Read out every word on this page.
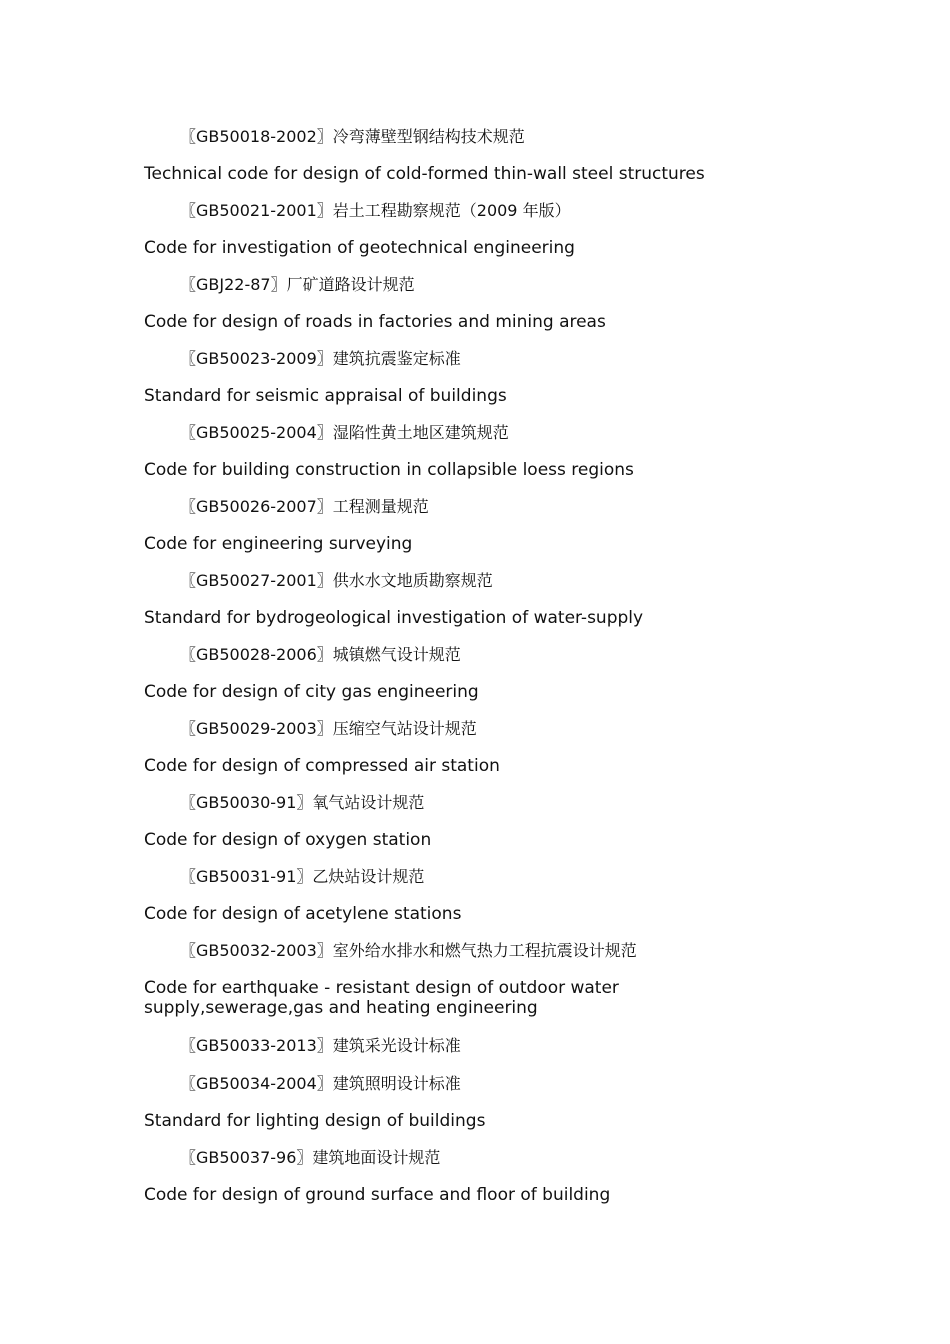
〖GB50018-2002〗冷弯薄壁型钢结构技术规范
Technical code for design of cold-formed thin-wall steel structures
〖GB50021-2001〗岩土工程勘察规范（2009 年版）
Code for investigation of geotechnical engineering
〖GBJ22-87〗厂矿道路设计规范
Code for design of roads in factories and mining areas
〖GB50023-2009〗建筑抗震鉴定标准
Standard for seismic appraisal of buildings
〖GB50025-2004〗湿陷性黄土地区建筑规范
Code for building construction in collapsible loess regions
〖GB50026-2007〗工程测量规范
Code for engineering surveying
〖GB50027-2001〗供水水文地质勘察规范
Standard for bydrogeological investigation of water-supply
〖GB50028-2006〗城镇燃气设计规范
Code for design of city gas engineering
〖GB50029-2003〗压缩空气站设计规范
Code for design of compressed air station
〖GB50030-91〗氧气站设计规范
Code for design of oxygen station
〖GB50031-91〗乙炔站设计规范
Code for design of acetylene stations
〖GB50032-2003〗室外给水排水和燃气热力工程抗震设计规范
Code for earthquake - resistant design of outdoor water supply,sewerage,gas and heating engineering
〖GB50033-2013〗建筑采光设计标准
〖GB50034-2004〗建筑照明设计标准
Standard for lighting design of buildings
〖GB50037-96〗建筑地面设计规范
Code for design of ground surface and floor of building
